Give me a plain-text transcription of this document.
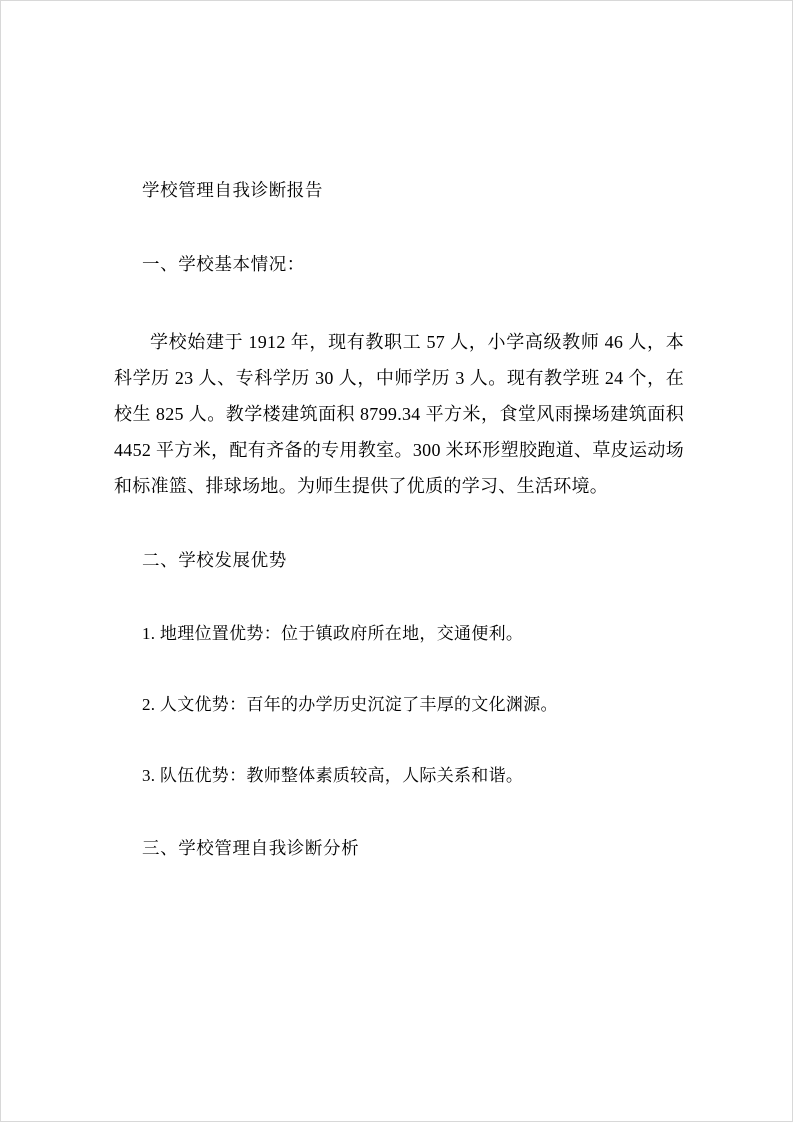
学校管理自我诊断报告

一、学校基本情况：

学校始建于 1912 年，现有教职工 57 人，小学高级教师 46 人，本科学历 23 人、专科学历 30 人，中师学历 3 人。现有教学班 24 个，在校生 825 人。教学楼建筑面积 8799.34 平方米，食堂风雨操场建筑面积 4452 平方米，配有齐备的专用教室。300 米环形塑胶跑道、草皮运动场和标准篮、排球场地。为师生提供了优质的学习、生活环境。

二、学校发展优势

1. 地理位置优势：位于镇政府所在地，交通便利。

2. 人文优势：百年的办学历史沉淀了丰厚的文化渊源。

3. 队伍优势：教师整体素质较高，人际关系和谐。

三、学校管理自我诊断分析
